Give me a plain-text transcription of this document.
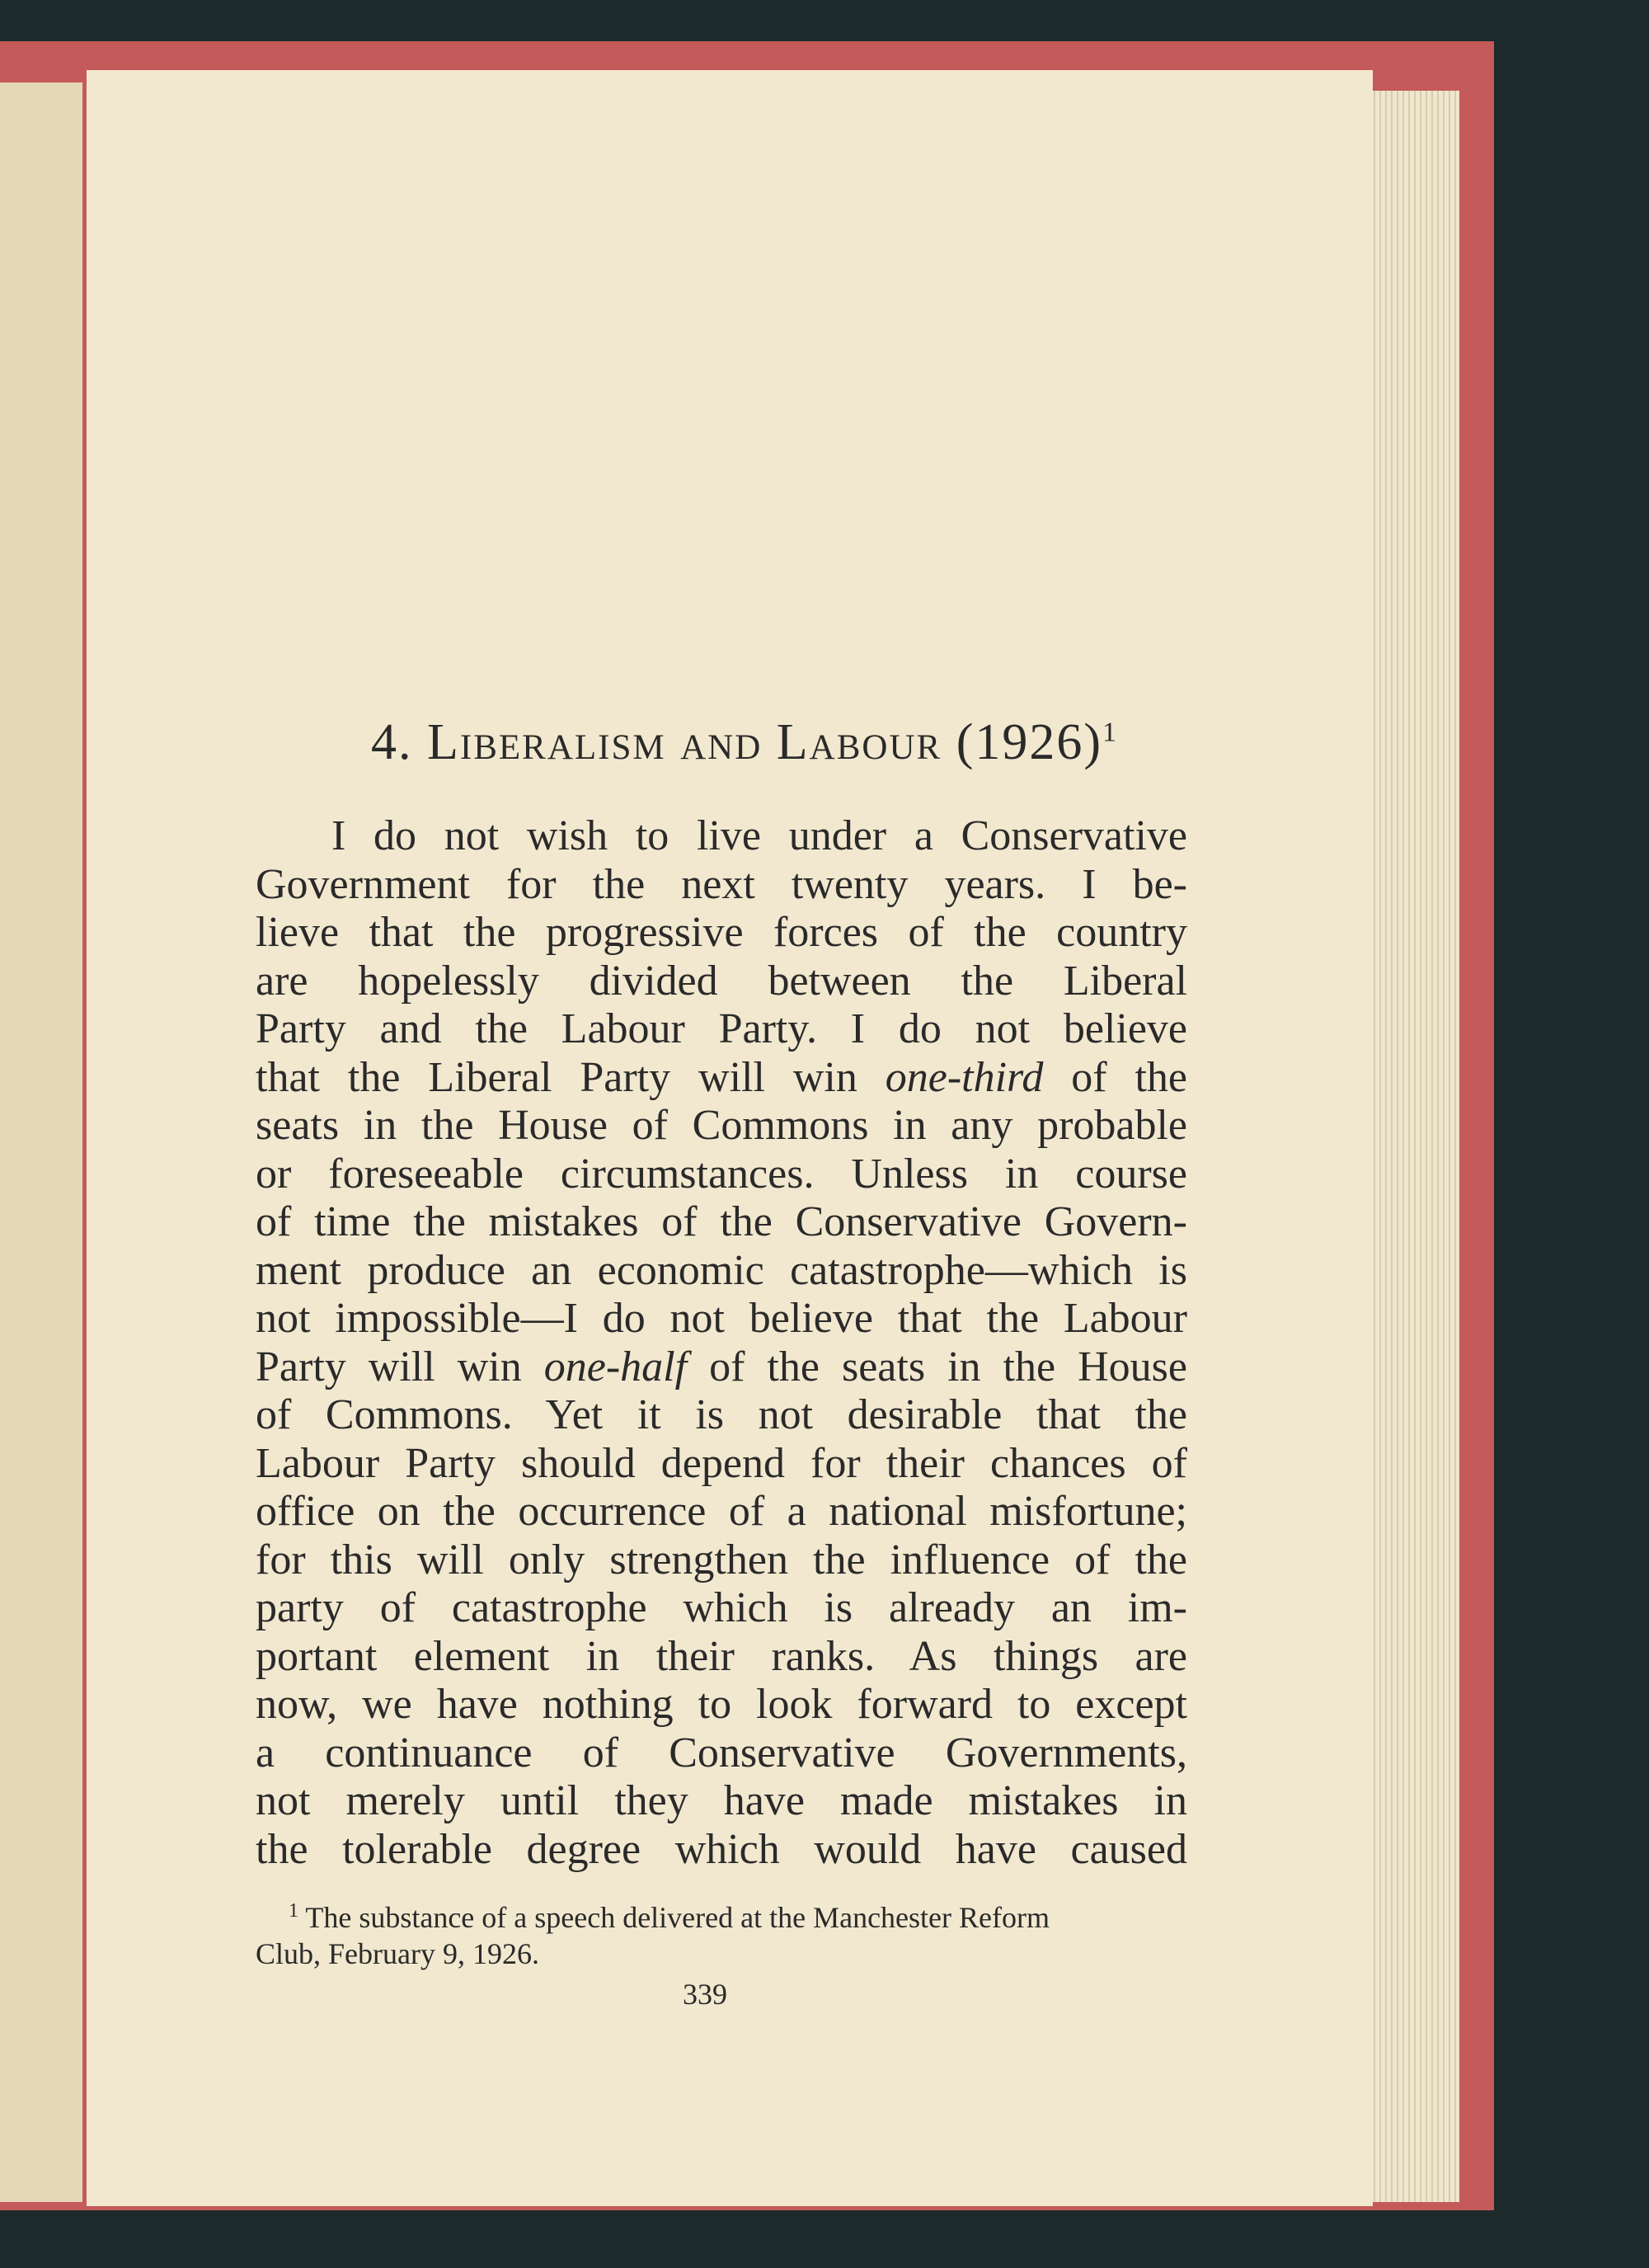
4. Liberalism and Labour $(1926)^1$
I do not wish to live under a Conservative
Government for the next twenty years. I be-
lieve that the progressive forces of the country
are hopelessly divided between the Liberal
Party and the Labour Party. I do not believe
that the Liberal Party will win one-third of the
seats in the House of Commons in any probable
or foreseeable circumstances. Unless in course
of time the mistakes of the Conservative Govern-
ment produce an economic catastrophe—which is
not impossible—I do not believe that the Labour
Party will win one-half of the seats in the House
of Commons. Yet it is not desirable that the
Labour Party should depend for their chances of
office on the occurrence of a national misfortune;
for this will only strengthen the influence of the
party of catastrophe which is already an im-
portant element in their ranks. As things are
now, we have nothing to look forward to except
a continuance of Conservative Governments,
not merely until they have made mistakes in
the tolerable degree which would have caused
$^1$ The substance of a speech delivered at the Manchester Reform
Club, February 9, 1926.
339
